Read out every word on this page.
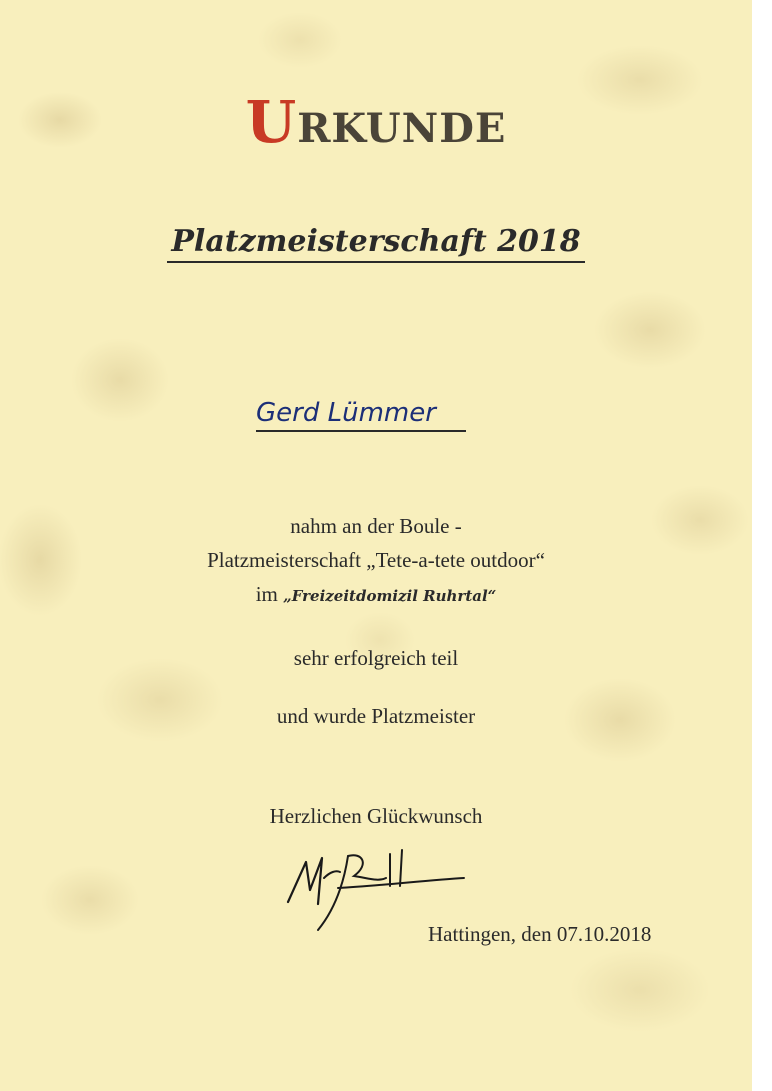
URKUNDE
Platzmeisterschaft 2018
Gerd Lümmer
nahm an der Boule -
Platzmeisterschaft „Tete-a-tete outdoor“
im „Freizeitdomizil Ruhrtal“
sehr erfolgreich teil
und wurde Platzmeister
Herzlichen Glückwunsch
Hattingen, den 07.10.2018
